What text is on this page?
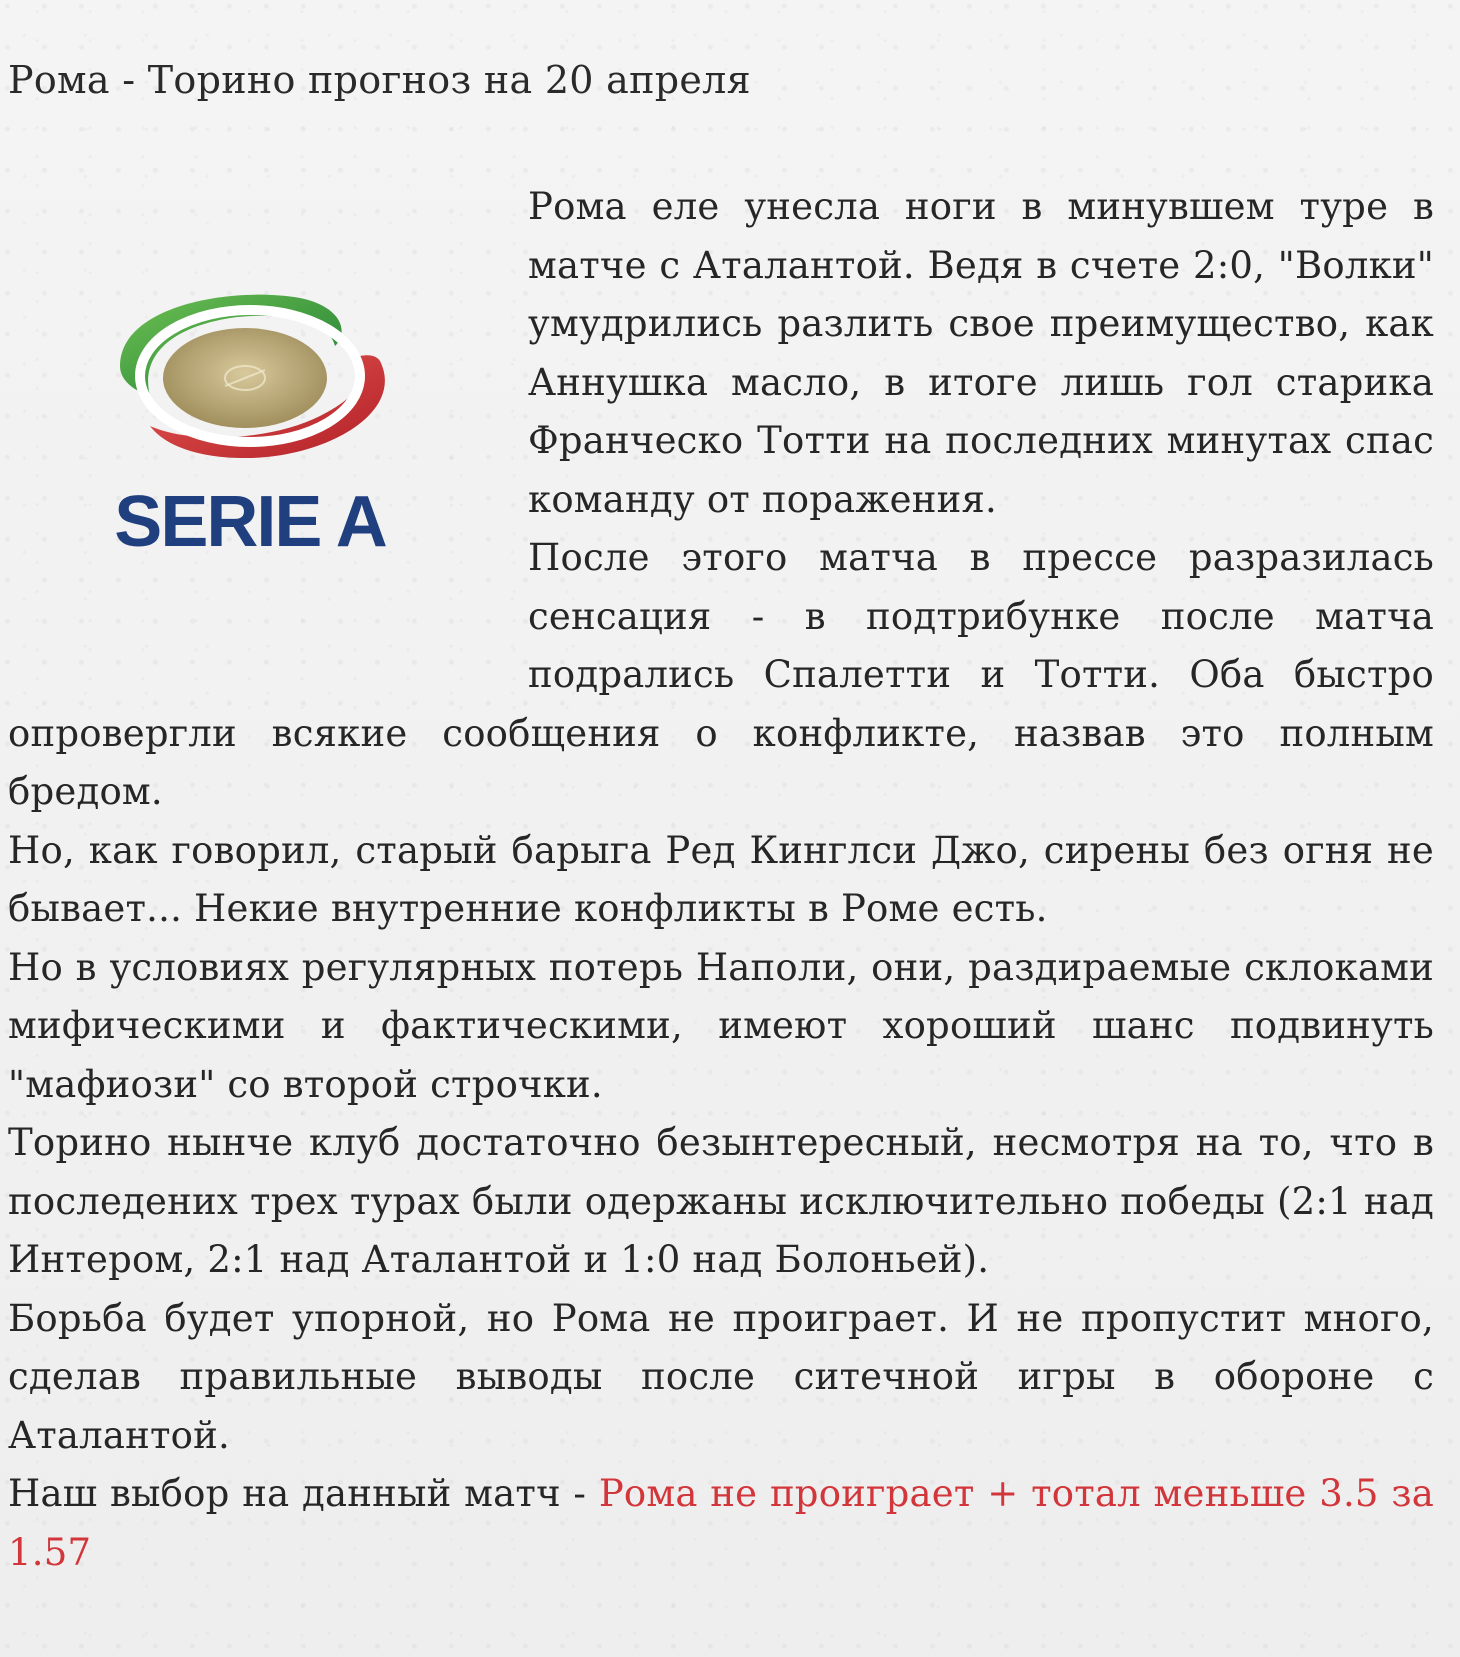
Рома - Торино прогноз на 20 апреля
SERIE A

Рома еле унесла ноги в минувшем туре в матче с Аталантой. Ведя в счете 2:0, "Волки" умудрились разлить свое преимущество, как Аннушка масло, в итоге лишь гол старика Франческо Тотти на последних минутах спас команду от поражения.

После этого матча в прессе разразилась сенсация - в подтрибунке после матча подрались Спалетти и Тотти. Оба быстро опровергли всякие сообщения о конфликте, назвав это полным бредом.

Но, как говорил, старый барыга Ред Кинглси Джо, сирены без огня не бывает... Некие внутренние конфликты в Роме есть.

Но в условиях регулярных потерь Наполи, они, раздираемые склоками мифическими и фактическими, имеют хороший шанс подвинуть "мафиози" со второй строчки.

Торино нынче клуб достаточно безынтересный, несмотря на то, что в последених трех турах были одержаны исключительно победы (2:1 над Интером, 2:1 над Аталантой и 1:0 над Болоньей).

Борьба будет упорной, но Рома не проиграет. И не пропустит много, сделав правильные выводы после ситечной игры в обороне с Аталантой.

Наш выбор на данный матч - Рома не проиграет + тотал меньше 3.5 за 1.57
